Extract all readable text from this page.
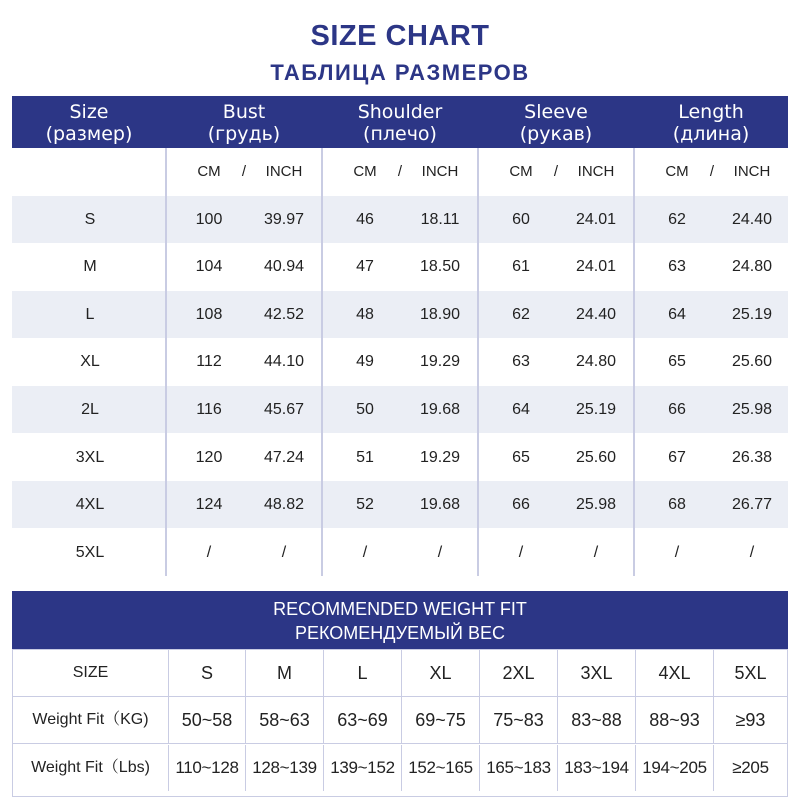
SIZE CHART
ТАБЛИЦА РАЗМЕРОВ
Size
(размер)
Bust
(грудь)
Shoulder
(плечо)
Sleeve
(рукав)
Length
(длина)
CM	/	INCH	CM	/	INCH	CM	/	INCH	CM	/	INCH
S	100	39.97	46	18.11	60	24.01	62	24.40
M	104	40.94	47	18.50	61	24.01	63	24.80
L	108	42.52	48	18.90	62	24.40	64	25.19
XL	112	44.10	49	19.29	63	24.80	65	25.60
2L	116	45.67	50	19.68	64	25.19	66	25.98
3XL	120	47.24	51	19.29	65	25.60	67	26.38
4XL	124	48.82	52	19.68	66	25.98	68	26.77
5XL	/	/	/	/	/	/	/	/
RECOMMENDED WEIGHT FIT
РЕКОМЕНДУЕМЫЙ ВЕС
SIZE	S	M	L	XL	2XL	3XL	4XL	5XL
Weight Fit（KG)	50~58	58~63	63~69	69~75	75~83	83~88	88~93	≥93
Weight Fit（Lbs)	110~128 128~139 139~152 152~165 165~183 183~194 194~205	≥205
